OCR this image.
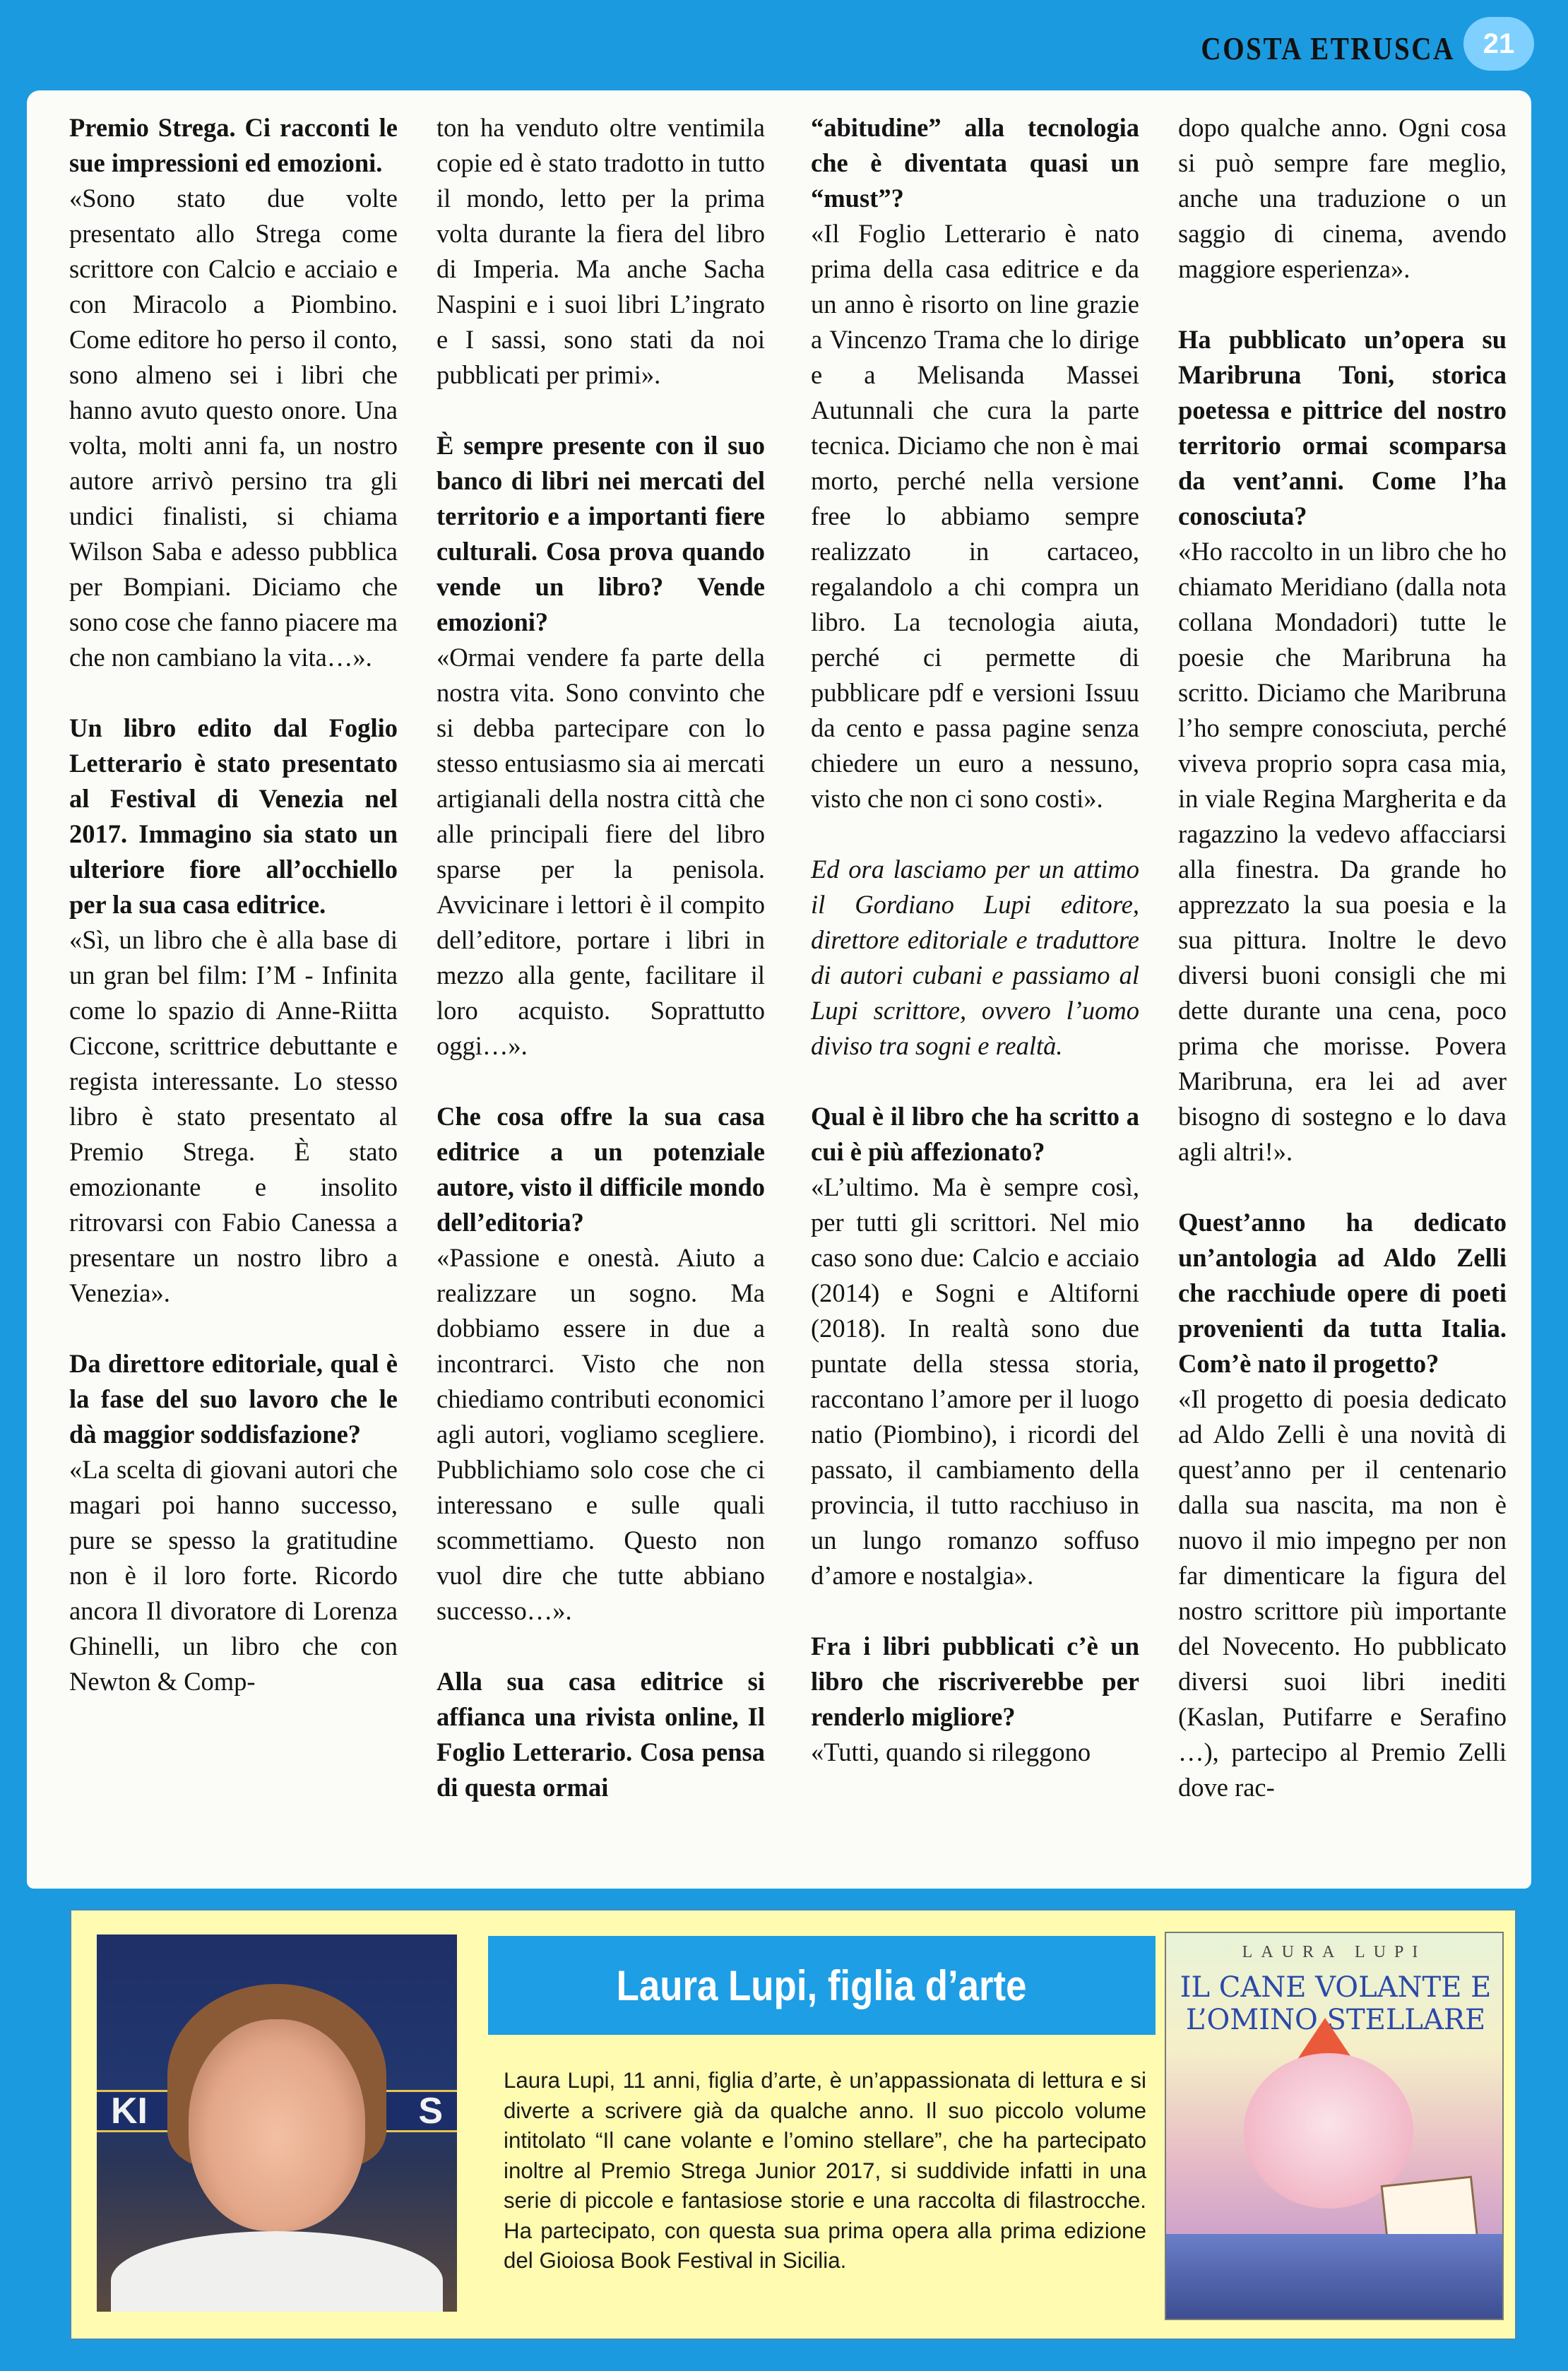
COSTA ETRUSCA 21

Premio Strega. Ci racconti le sue impressioni ed emozioni.

«Sono stato due volte presentato allo Strega come scrittore con Calcio e acciaio e con Miracolo a Piombino. Come editore ho perso il conto, sono almeno sei i libri che hanno avuto questo onore. Una volta, molti anni fa, un nostro autore arrivò persino tra gli undici finalisti, si chiama Wilson Saba e adesso pubblica per Bompiani. Diciamo che sono cose che fanno piacere ma che non cambiano la vita…».

Un libro edito dal Foglio Letterario è stato presentato al Festival di Venezia nel 2017. Immagino sia stato un ulteriore fiore all’occhiello per la sua casa editrice.

«Sì, un libro che è alla base di un gran bel film: I’M - Infinita come lo spazio di Anne-Riitta Ciccone, scrittrice debuttante e regista interessante. Lo stesso libro è stato presentato al Premio Strega. È stato emozionante e insolito ritrovarsi con Fabio Canessa a presentare un nostro libro a Venezia».

Da direttore editoriale, qual è la fase del suo lavoro che le dà maggior soddisfazione?

«La scelta di giovani autori che magari poi hanno successo, pure se spesso la gratitudine non è il loro forte. Ricordo ancora Il divoratore di Lorenza Ghinelli, un libro che con Newton & Comp-

ton ha venduto oltre ventimila copie ed è stato tradotto in tutto il mondo, letto per la prima volta durante la fiera del libro di Imperia. Ma anche Sacha Naspini e i suoi libri L’ingrato e I sassi, sono stati da noi pubblicati per primi».

È sempre presente con il suo banco di libri nei mercati del territorio e a importanti fiere culturali. Cosa prova quando vende un libro? Vende emozioni?

«Ormai vendere fa parte della nostra vita. Sono convinto che si debba partecipare con lo stesso entusiasmo sia ai mercati artigianali della nostra città che alle principali fiere del libro sparse per la penisola. Avvicinare i lettori è il compito dell’editore, portare i libri in mezzo alla gente, facilitare il loro acquisto. Soprattutto oggi…».

Che cosa offre la sua casa editrice a un potenziale autore, visto il difficile mondo dell’editoria?

«Passione e onestà. Aiuto a realizzare un sogno. Ma dobbiamo essere in due a incontrarci. Visto che non chiediamo contributi economici agli autori, vogliamo scegliere. Pubblichiamo solo cose che ci interessano e sulle quali scommettiamo. Questo non vuol dire che tutte abbiano successo…».

Alla sua casa editrice si affianca una rivista online, Il Foglio Letterario. Cosa pensa di questa ormai

“abitudine” alla tecnologia che è diventata quasi un “must”?

«Il Foglio Letterario è nato prima della casa editrice e da un anno è risorto on line grazie a Vincenzo Trama che lo dirige e a Melisanda Massei Autunnali che cura la parte tecnica. Diciamo che non è mai morto, perché nella versione free lo abbiamo sempre realizzato in cartaceo, regalandolo a chi compra un libro. La tecnologia aiuta, perché ci permette di pubblicare pdf e versioni Issuu da cento e passa pagine senza chiedere un euro a nessuno, visto che non ci sono costi».

Ed ora lasciamo per un attimo il Gordiano Lupi editore, direttore editoriale e traduttore di autori cubani e passiamo al Lupi scrittore, ovvero l’uomo diviso tra sogni e realtà.

Qual è il libro che ha scritto a cui è più affezionato?

«L’ultimo. Ma è sempre così, per tutti gli scrittori. Nel mio caso sono due: Calcio e acciaio (2014) e Sogni e Altiforni (2018). In realtà sono due puntate della stessa storia, raccontano l’amore per il luogo natio (Piombino), i ricordi del passato, il cambiamento della provincia, il tutto racchiuso in un lungo romanzo soffuso d’amore e nostalgia».

Fra i libri pubblicati c’è un libro che riscriverebbe per renderlo migliore?

«Tutti, quando si rileggono

dopo qualche anno. Ogni cosa si può sempre fare meglio, anche una traduzione o un saggio di cinema, avendo maggiore esperienza».

Ha pubblicato un’opera su Maribruna Toni, storica poetessa e pittrice del nostro territorio ormai scomparsa da vent’anni. Come l’ha conosciuta?

«Ho raccolto in un libro che ho chiamato Meridiano (dalla nota collana Mondadori) tutte le poesie che Maribruna ha scritto. Diciamo che Maribruna l’ho sempre conosciuta, perché viveva proprio sopra casa mia, in viale Regina Margherita e da ragazzino la vedevo affacciarsi alla finestra. Da grande ho apprezzato la sua poesia e la sua pittura. Inoltre le devo diversi buoni consigli che mi dette durante una cena, poco prima che morisse. Povera Maribruna, era lei ad aver bisogno di sostegno e lo dava agli altri!».

Quest’anno ha dedicato un’antologia ad Aldo Zelli che racchiude opere di poeti provenienti da tutta Italia. Com’è nato il progetto?

«Il progetto di poesia dedicato ad Aldo Zelli è una novità di quest’anno per il centenario dalla sua nascita, ma non è nuovo il mio impegno per non far dimenticare la figura del nostro scrittore più importante del Novecento. Ho pubblicato diversi suoi libri inediti (Kaslan, Putifarre e Serafino …), partecipo al Premio Zelli dove rac-

KI	S
Laura Lupi, figlia d’arte
Laura Lupi, 11 anni, figlia d’arte, è un’appassionata di lettura e si diverte a scrivere già da qualche anno. Il suo piccolo volume intitolato “Il cane volante e l’omino stellare”, che ha partecipato inoltre al Premio Strega Junior 2017, si suddivide infatti in una serie di piccole e fantasiose storie e una raccolta di filastrocche. Ha partecipato, con questa sua prima opera alla prima edizione del Gioiosa Book Festival in Sicilia.
LAURA LUPI
IL CANE VOLANTE E L’OMINO STELLARE
